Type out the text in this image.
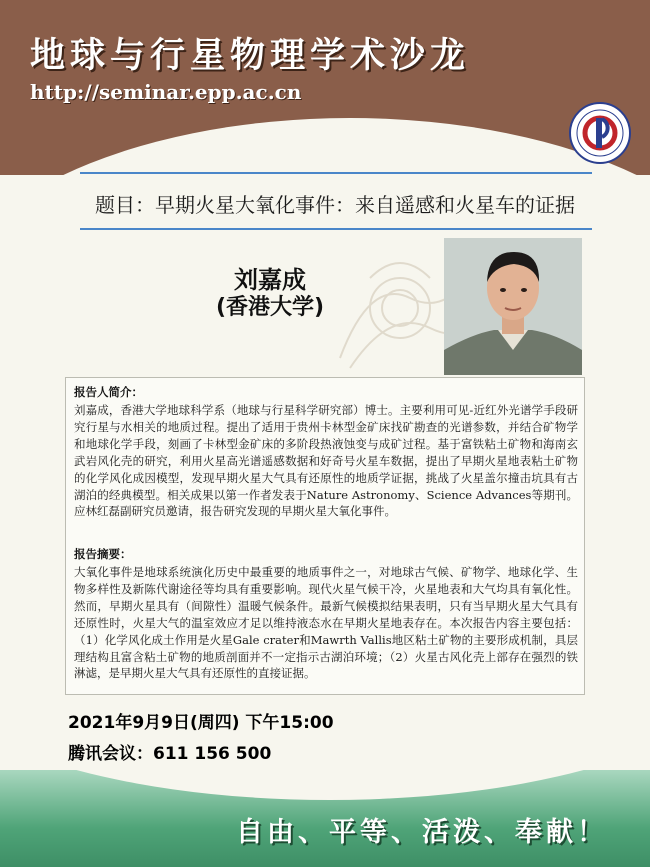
地球与行星物理学术沙龙
http://seminar.epp.ac.cn
题目：早期火星大氧化事件：来自遥感和火星车的证据
刘嘉成
(香港大学)
报告人简介：
刘嘉成，香港大学地球科学系（地球与行星科学研究部）博士。主要利用可见-近红外光谱学手段研究行星与水相关的地质过程。提出了适用于贵州卡林型金矿床找矿勘查的光谱参数，并结合矿物学和地球化学手段，刻画了卡林型金矿床的多阶段热液蚀变与成矿过程。基于富铁粘土矿物和海南玄武岩风化壳的研究，利用火星高光谱遥感数据和好奇号火星车数据，提出了早期火星地表粘土矿物的化学风化成因模型，发现早期火星大气具有还原性的地质学证据，挑战了火星盖尔撞击坑具有古湖泊的经典模型。相关成果以第一作者发表于Nature Astronomy、Science Advances等期刊。应林红磊副研究员邀请，报告研究发现的早期火星大氧化事件。
报告摘要：
大氧化事件是地球系统演化历史中最重要的地质事件之一，对地球古气候、矿物学、地球化学、生物多样性及新陈代谢途径等均具有重要影响。现代火星气候干冷，火星地表和大气均具有氧化性。然而，早期火星具有（间隙性）温暖气候条件。最新气候模拟结果表明，只有当早期火星大气具有还原性时，火星大气的温室效应才足以维持液态水在早期火星地表存在。本次报告内容主要包括：（1）化学风化成土作用是火星Gale crater和Mawrth Vallis地区粘土矿物的主要形成机制，具层理结构且富含粘土矿物的地质剖面并不一定指示古湖泊环境；（2）火星古风化壳上部存在强烈的铁淋滤，是早期火星大气具有还原性的直接证据。
2021年9月9日(周四) 下午15:00
腾讯会议：611 156 500
自由、平等、活泼、奉献！
